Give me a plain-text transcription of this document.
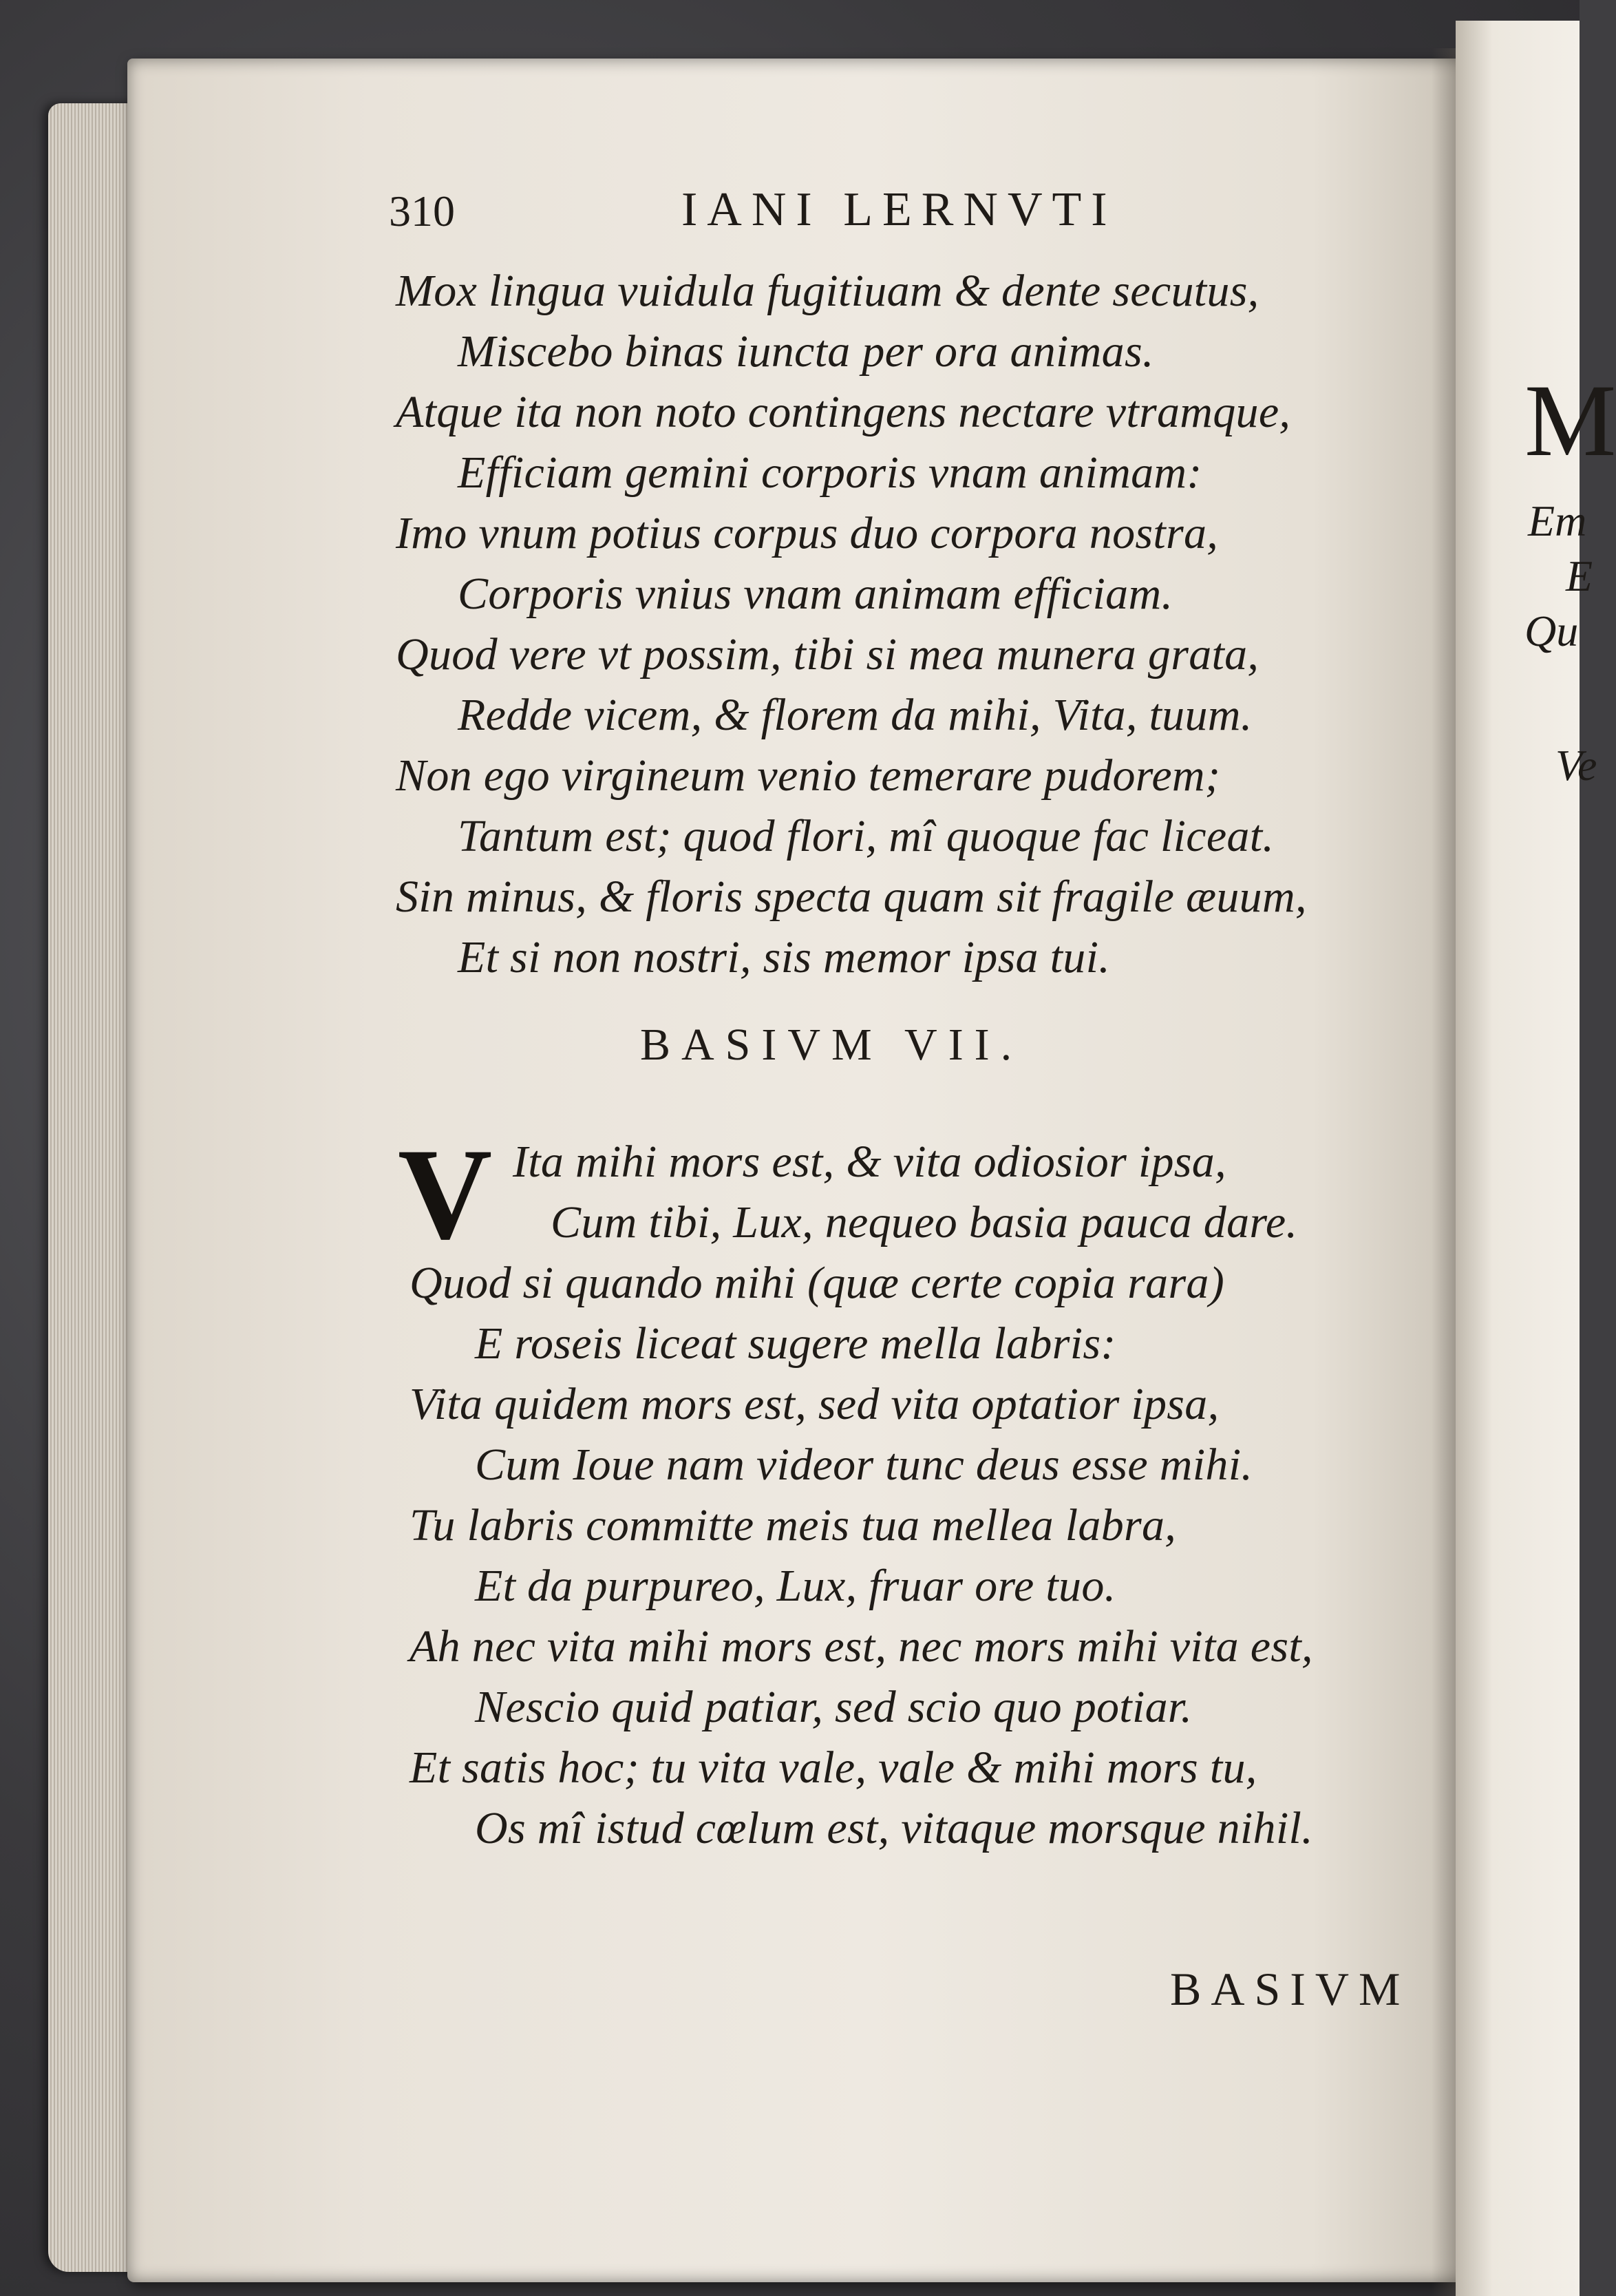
M
Em
E
Qu
Ve
310	IANI LERNVTI
Mox lingua vuidula fugitiuam & dente secutus,
Miscebo binas iuncta per ora animas.
Atque ita non noto contingens nectare vtramque,
Efficiam gemini corporis vnam animam:
Imo vnum potius corpus duo corpora nostra,
Corporis vnius vnam animam efficiam.
Quod vere vt possim, tibi si mea munera grata,
Redde vicem, & florem da mihi, Vita, tuum.
Non ego virgineum venio temerare pudorem;
Tantum est; quod flori, mî quoque fac liceat.
Sin minus, & floris specta quam sit fragile æuum,
Et si non nostri, sis memor ipsa tui.
BASIVM VII.
V Ita mihi mors est, & vita odiosior ipsa,
Cum tibi, Lux, nequeo basia pauca dare.
Quod si quando mihi (quæ certe copia rara)
E roseis liceat sugere mella labris:
Vita quidem mors est, sed vita optatior ipsa,
Cum Ioue nam videor tunc deus esse mihi.
Tu labris committe meis tua mellea labra,
Et da purpureo, Lux, fruar ore tuo.
Ah nec vita mihi mors est, nec mors mihi vita est,
Nescio quid patiar, sed scio quo potiar.
Et satis hoc; tu vita vale, vale & mihi mors tu,
Os mî istud cœlum est, vitaque morsque nihil.
BASIVM
